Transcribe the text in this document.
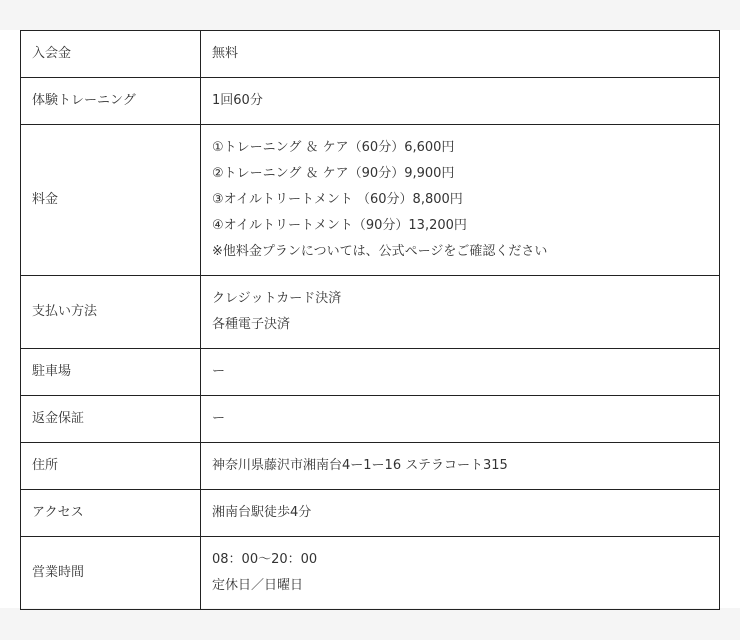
入会金	無料

体験トレーニング	1回60分

料金	①トレーニング ＆ ケア（60分）6,600円
②トレーニング ＆ ケア（90分）9,900円
③オイルトリートメント （60分）8,800円
④オイルトリートメント（90分）13,200円
※他料金プランについては、公式ページをご確認ください

支払い方法	クレジットカード決済
各種電子決済

駐車場	ー

返金保証	ー

住所	神奈川県藤沢市湘南台4ー1ー16 ステラコート315

アクセス	湘南台駅徒歩4分

営業時間	08：00〜20：00
定休日／日曜日
